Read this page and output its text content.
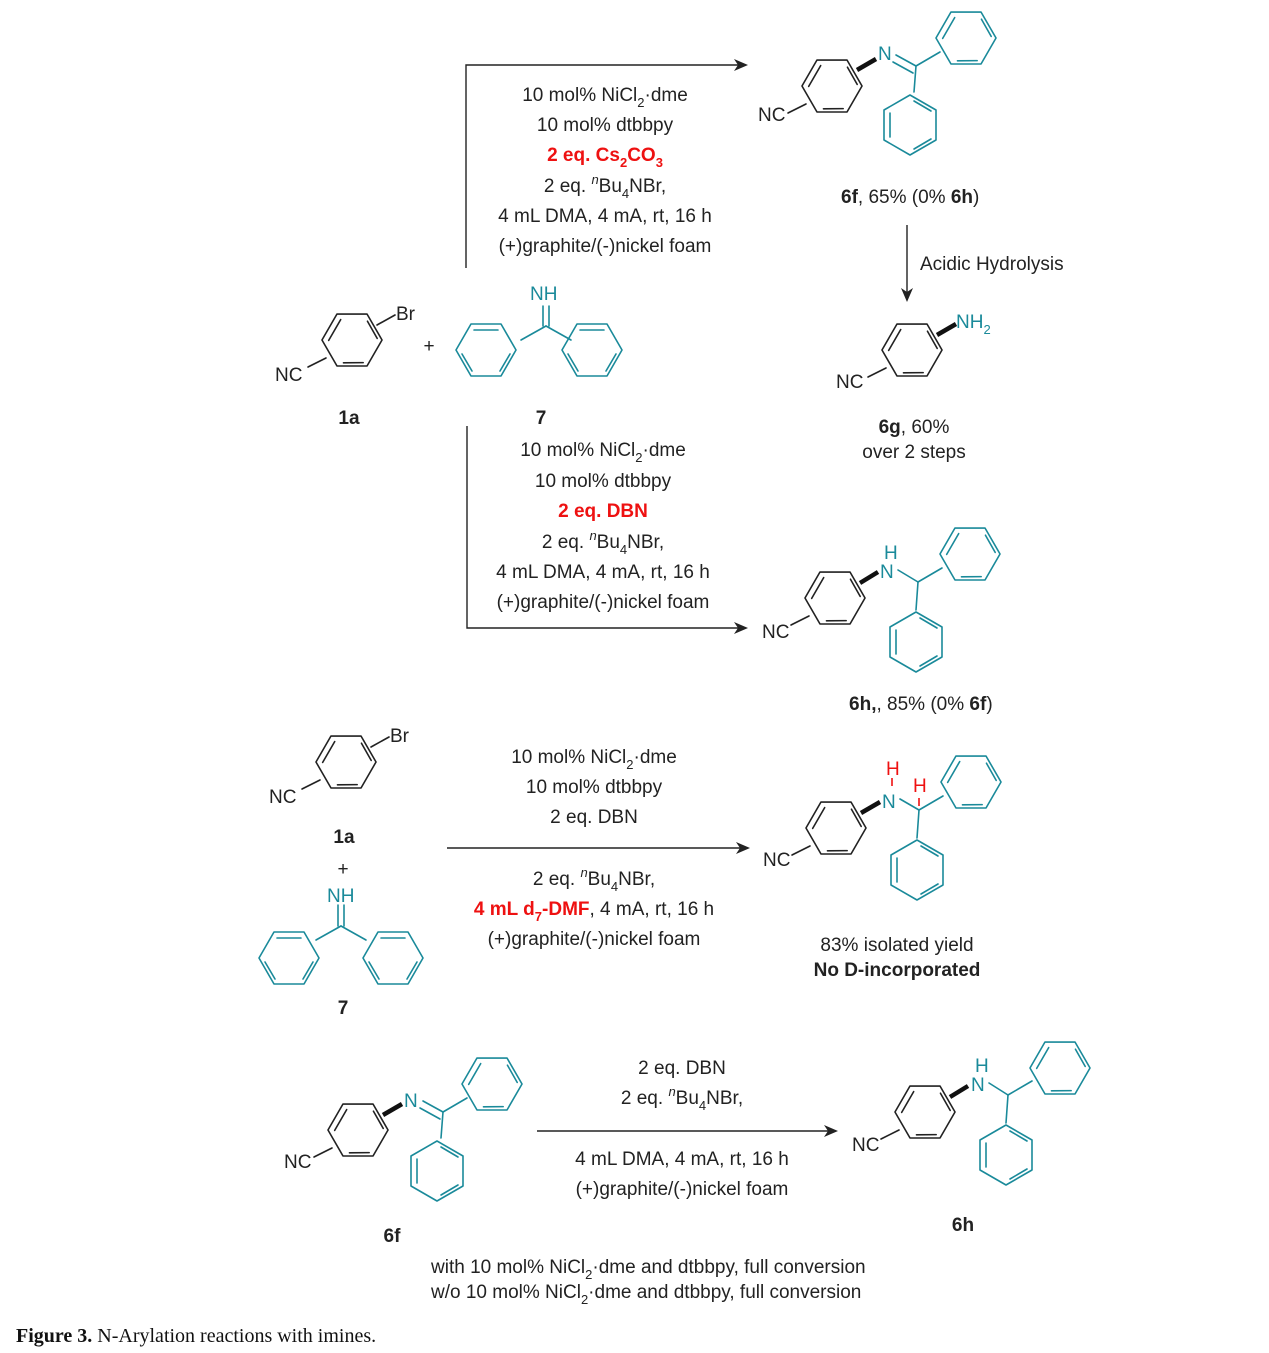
NC
N
6f, 65% (0% 6h)
10 mol% NiCl$_2$·dme
10 mol% dtbbpy
2 eq. $Cs_2CO_3$
2 eq. $^nBu_4NBr$,
4 mL DMA, 4 mA, rt, 16 h
(+)graphite/(-)nickel foam
Acidic Hydrolysis
NC
$NH_2$
6g, 60%
over 2 steps
NC
Br
1a
+
NH
7
10 mol% NiCl$_2$·dme
10 mol% dtbbpy
2 eq. DBN
2 eq. $^nBu_4NBr$,
4 mL DMA, 4 mA, rt, 16 h
(+)graphite/(-)nickel foam
NC
N
H
6h,, 85% (0% 6f)
NC
Br
1a
+
NH
7
10 mol% NiCl$_2$·dme
10 mol% dtbbpy
2 eq. DBN
2 eq. $^nBu_4NBr$,
4 mL $d_7$-DMF, 4 mA, rt, 16 h
(+)graphite/(-)nickel foam
NC
N
H
H
83% isolated yield
No D-incorporated
NC
N
6f
2 eq. DBN
2 eq. $^nBu_4NBr$,
4 mL DMA, 4 mA, rt, 16 h
(+)graphite/(-)nickel foam
NC
N
H
6h
with 10 mol% NiCl$_2$·dme and dtbbpy, full conversion
w/o 10 mol% NiCl$_2$·dme and dtbbpy, full conversion
Figure 3. N-Arylation reactions with imines.
